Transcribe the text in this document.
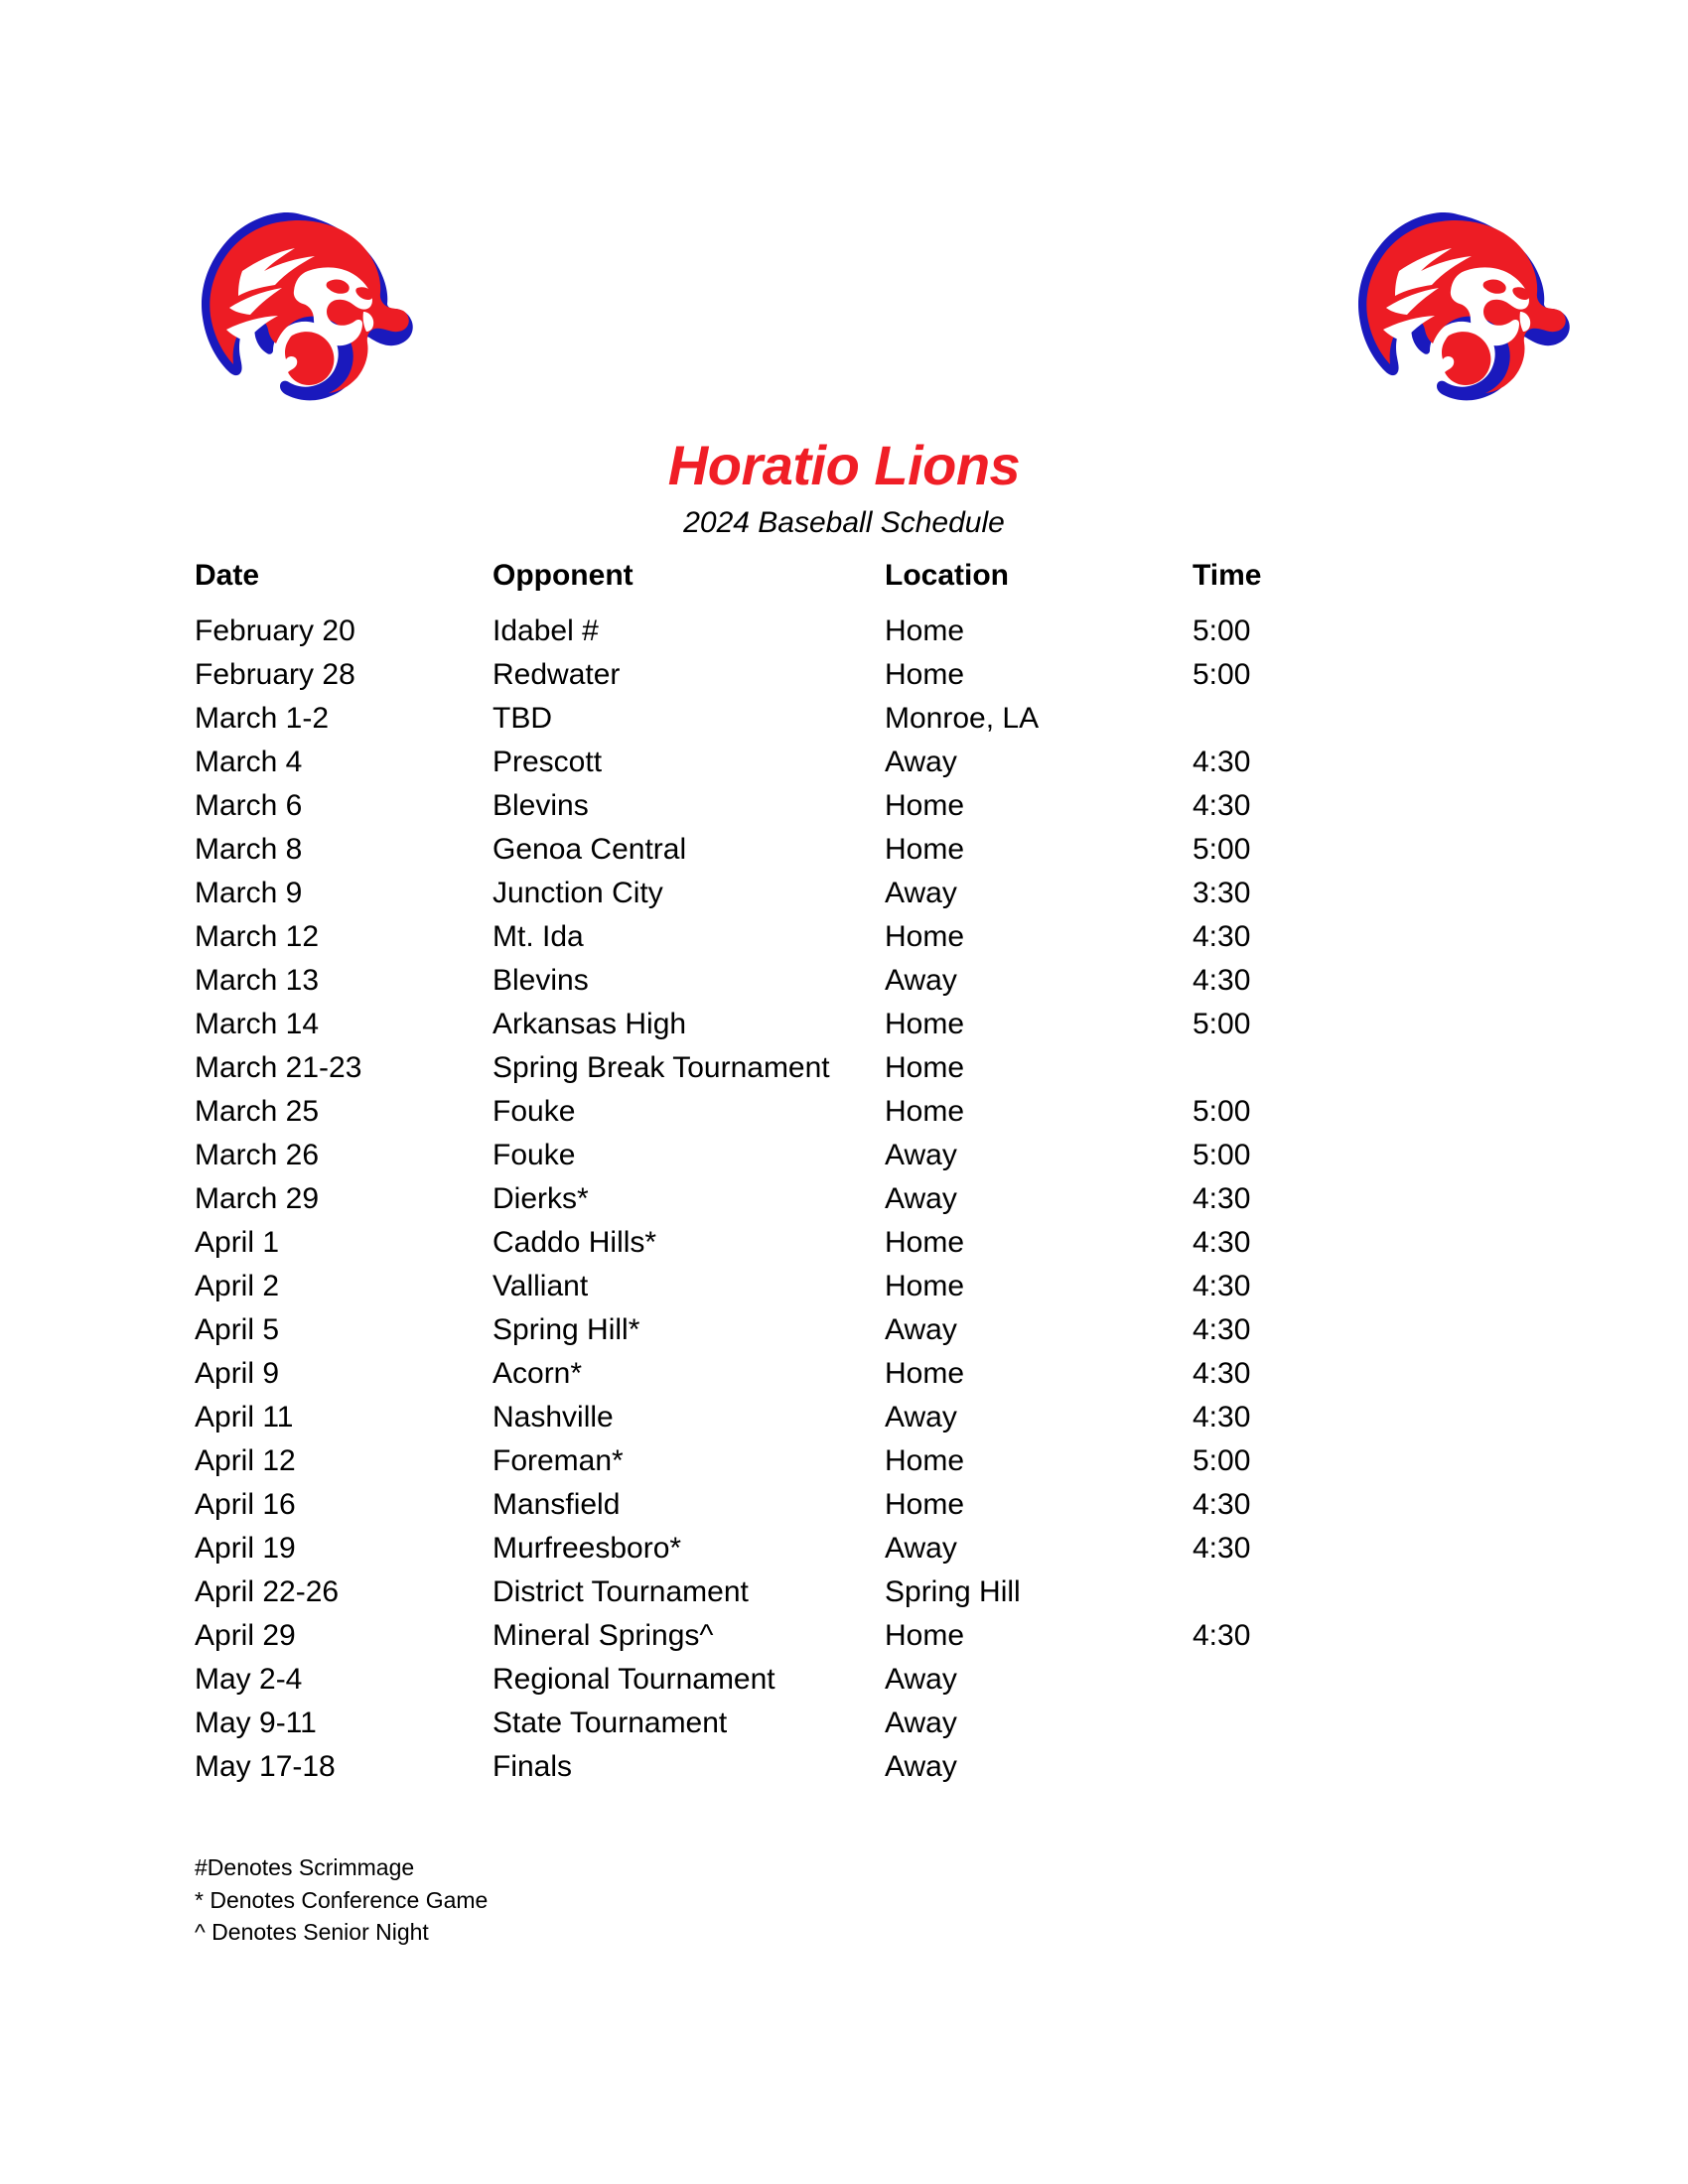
Horatio Lions
2024 Baseball Schedule
Date	Opponent	Location	Time	
February 20	Idabel #	Home	5:00	
February 28	Redwater	Home	5:00	
March 1-2	TBD	Monroe, LA		
March 4	Prescott	Away	4:30	
March 6	Blevins	Home	4:30	
March 8	Genoa Central	Home	5:00	
March 9	Junction City	Away	3:30	
March 12	Mt. Ida	Home	4:30	
March 13	Blevins	Away	4:30	
March 14	Arkansas High	Home	5:00	
March 21-23	Spring Break Tournament	Home		
March 25	Fouke	Home	5:00	
March 26	Fouke	Away	5:00	
March 29	Dierks*	Away	4:30	
April 1	Caddo Hills*	Home	4:30	
April 2	Valliant	Home	4:30	
April 5	Spring Hill*	Away	4:30	
April 9	Acorn*	Home	4:30	
April 11	Nashville	Away	4:30	
April 12	Foreman*	Home	5:00	
April 16	Mansfield	Home	4:30	
April 19	Murfreesboro*	Away	4:30	
April 22-26	District Tournament	Spring Hill		
April 29	Mineral Springs^	Home	4:30	
May 2-4	Regional Tournament	Away		
May 9-11	State Tournament	Away		
May 17-18	Finals	Away		
#Denotes Scrimmage
* Denotes Conference Game
^ Denotes Senior Night
